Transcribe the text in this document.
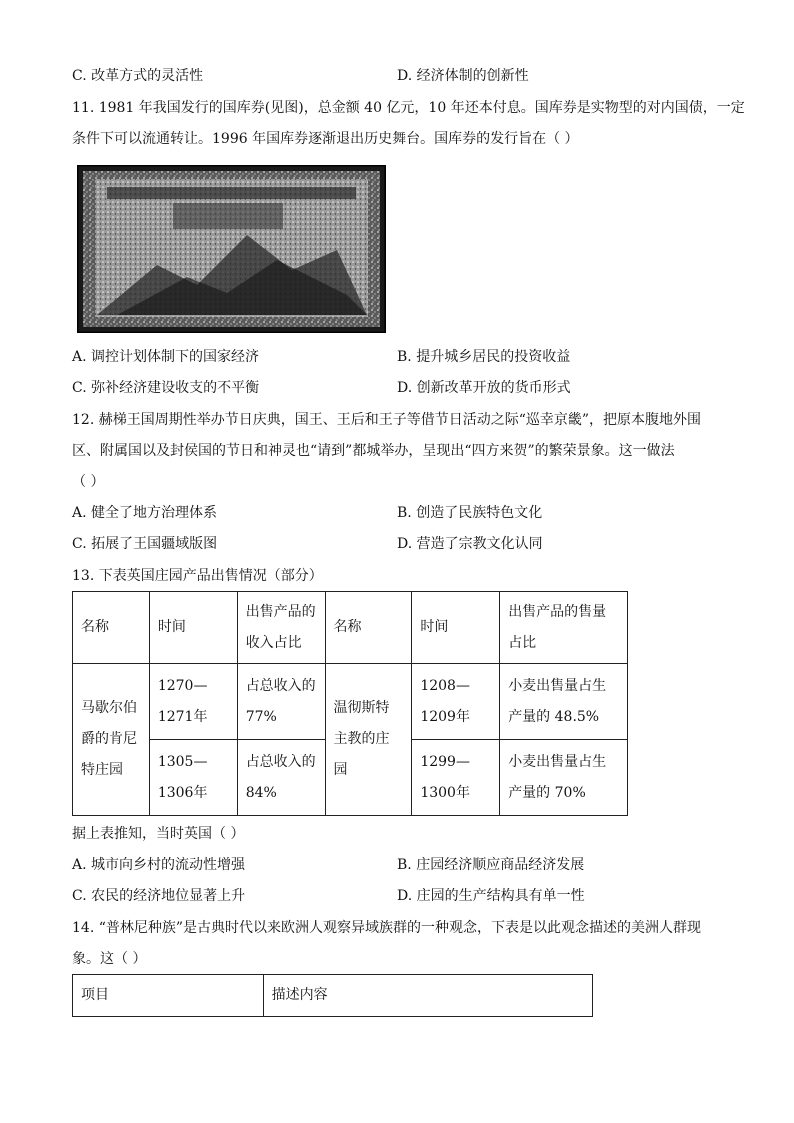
C. 改革方式的灵活性	D. 经济体制的创新性
11. 1981 年我国发行的国库券(见图)，总金额 40 亿元，10 年还本付息。国库券是实物型的对内国债，一定
条件下可以流通转让。1996 年国库券逐渐退出历史舞台。国库券的发行旨在（ ）
A. 调控计划体制下的国家经济	B. 提升城乡居民的投资收益
C. 弥补经济建设收支的不平衡	D. 创新改革开放的货币形式
12. 赫梯王国周期性举办节日庆典，国王、王后和王子等借节日活动之际“巡幸京畿”，把原本腹地外围
区、附属国以及封侯国的节日和神灵也“请到”都城举办，呈现出“四方来贺”的繁荣景象。这一做法
（ ）
A. 健全了地方治理体系	B. 创造了民族特色文化
C. 拓展了王国疆域版图	D. 营造了宗教文化认同
13. 下表英国庄园产品出售情况（部分）
名称	时间	出售产品的收入占比	名称	时间	出售产品的售量占比
马歇尔伯爵的肯尼特庄园	1270—1271年	占总收入的77%	温彻斯特主教的庄园	1208—1209年	小麦出售量占生产量的 48.5%
	1305—1306年	占总收入的84%		1299—1300年	小麦出售量占生产量的 70%
据上表推知，当时英国（ ）
A. 城市向乡村的流动性增强	B. 庄园经济顺应商品经济发展
C. 农民的经济地位显著上升	D. 庄园的生产结构具有单一性
14. “普林尼种族”是古典时代以来欧洲人观察异域族群的一种观念，下表是以此观念描述的美洲人群现
象。这（ ）
项目	描述内容
